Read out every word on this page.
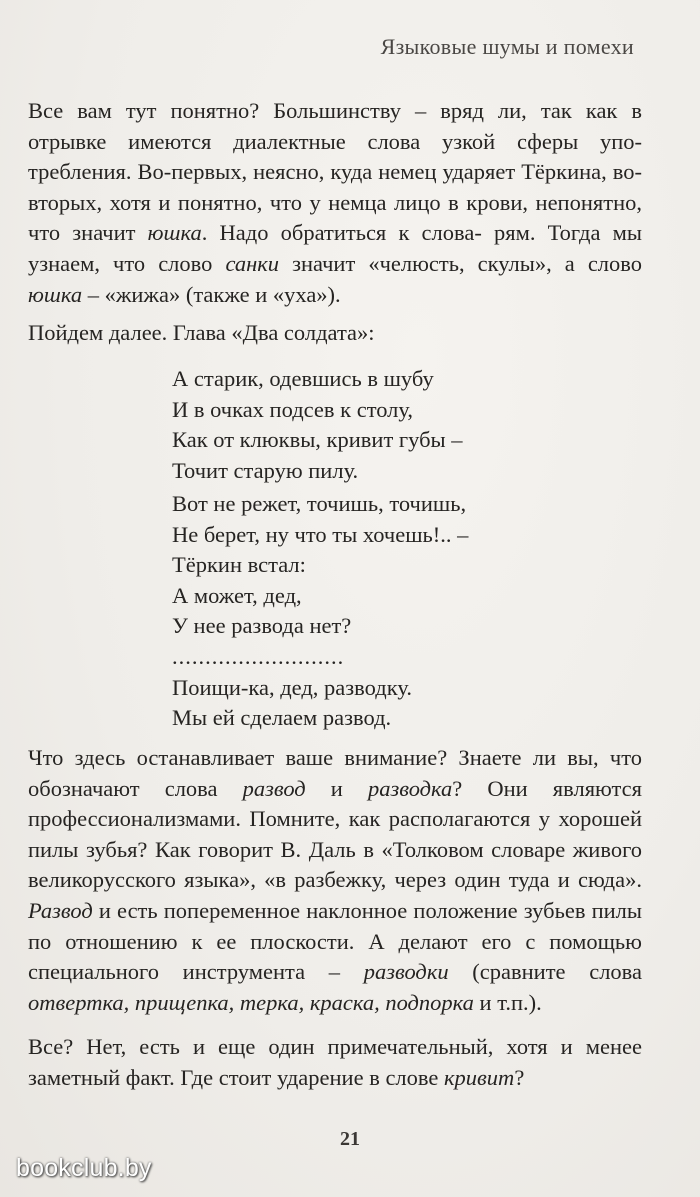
Языковые шумы и помехи

Все вам тут понятно? Большинству – вряд ли, так как в отрывке имеются диалектные слова узкой сферы упо- требления. Во-первых, неясно, куда немец ударяет Тёркина, во-вторых, хотя и понятно, что у немца лицо в крови, непонятно, что значит юшка. Надо обратиться к слова- рям. Тогда мы узнаем, что слово санки значит «челюсть, скулы», а слово юшка – «жижа» (также и «уха»).

Пойдем далее. Глава «Два солдата»:

А старик, одевшись в шубу
И в очках подсев к столу,
Как от клюквы, кривит губы –
Точит старую пилу.
Вот не режет, точишь, точишь,
Не берет, ну что ты хочешь!.. –
Тёркин встал:
А может, дед,
У нее развода нет?
..........................
Поищи-ка, дед, разводку.
Мы ей сделаем развод.

Что здесь останавливает ваше внимание? Знаете ли вы, что обозначают слова развод и разводка? Они являются профессионализмами. Помните, как располагаются у хорошей пилы зубья? Как говорит В. Даль в «Толковом словаре живого великорусского языка», «в разбежку, через один туда и сюда». Развод и есть попеременное наклонное положение зубьев пилы по отношению к ее плоскости. А делают его с помощью специального инструмента – разводки (сравните слова отвертка, прищепка, терка, краска, подпорка и т.п.).

Все? Нет, есть и еще один примечательный, хотя и менее заметный факт. Где стоит ударение в слове кривит?

21
bookclub.by
